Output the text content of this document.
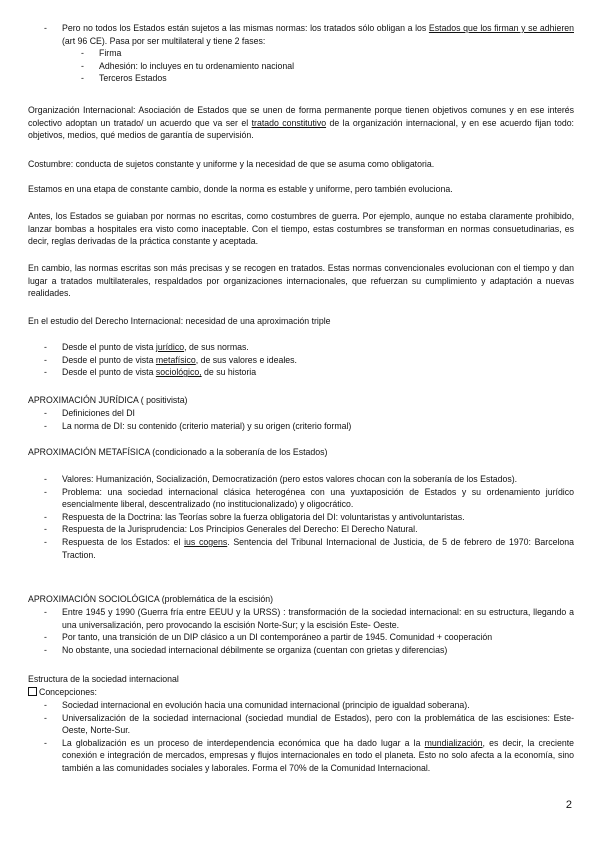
- Pero no todos los Estados están sujetos a las mismas normas: los tratados sólo obligan a los Estados que los firman y se adhieren (art 96 CE). Pasa por ser multilateral y tiene 2 fases:
- Firma
- Adhesión: lo incluyes en tu ordenamiento nacional
- Terceros Estados

Organización Internacional: Asociación de Estados que se unen de forma permanente porque tienen objetivos comunes y en ese interés colectivo adoptan un tratado/ un acuerdo que va ser el tratado constitutivo de la organización internacional, y en ese acuerdo fijan todo: objetivos, medios, qué medios de garantía de supervisión.

Costumbre: conducta de sujetos constante y uniforme y la necesidad de que se asuma como obligatoria.

Estamos en una etapa de constante cambio, donde la norma es estable y uniforme, pero también evoluciona.

Antes, los Estados se guiaban por normas no escritas, como costumbres de guerra. Por ejemplo, aunque no estaba claramente prohibido, lanzar bombas a hospitales era visto como inaceptable. Con el tiempo, estas costumbres se transforman en normas consuetudinarias, es decir, reglas derivadas de la práctica constante y aceptada.

En cambio, las normas escritas son más precisas y se recogen en tratados. Estas normas convencionales evolucionan con el tiempo y dan lugar a tratados multilaterales, respaldados por organizaciones internacionales, que refuerzan su cumplimiento y adaptación a nuevas realidades.

En el estudio del Derecho Internacional: necesidad de una aproximación triple

- Desde el punto de vista jurídico, de sus normas.
- Desde el punto de vista metafísico, de sus valores e ideales.
- Desde el punto de vista sociológico, de su historia

APROXIMACIÓN JURÍDICA ( positivista)

- Definiciones del DI
- La norma de DI: su contenido (criterio material) y su origen (criterio formal)

APROXIMACIÓN METAFÍSICA (condicionado a la soberanía de los Estados)

- Valores: Humanización, Socialización, Democratización (pero estos valores chocan con la soberanía de los Estados).
- Problema: una sociedad internacional clásica heterogénea con una yuxtaposición de Estados y su ordenamiento jurídico esencialmente liberal, descentralizado (no institucionalizado) y oligocrático.
- Respuesta de la Doctrina: las Teorías sobre la fuerza obligatoria del DI: voluntaristas y antivoluntaristas.
- Respuesta de la Jurisprudencia: Los Principios Generales del Derecho: El Derecho Natural.
- Respuesta de los Estados: el ius cogens. Sentencia del Tribunal Internacional de Justicia, de 5 de febrero de 1970: Barcelona Traction.

APROXIMACIÓN SOCIOLÓGICA (problemática de la escisión)

- Entre 1945 y 1990 (Guerra fría entre EEUU y la URSS) : transformación de la sociedad internacional: en su estructura, llegando a una universalización, pero provocando la escisión Norte-Sur; y la escisión Este- Oeste.
- Por tanto, una transición de un DIP clásico a un DI contemporáneo a partir de 1945. Comunidad + cooperación
- No obstante, una sociedad internacional débilmente se organiza (cuentan con grietas y diferencias)

Estructura de la sociedad internacional

Concepciones:

- Sociedad internacional en evolución hacia una comunidad internacional (principio de igualdad soberana).
- Universalización de la sociedad internacional (sociedad mundial de Estados), pero con la problemática de las escisiones: Este-Oeste, Norte-Sur.
- La globalización es un proceso de interdependencia económica que ha dado lugar a la mundialización, es decir, la creciente conexión e integración de mercados, empresas y flujos internacionales en todo el planeta. Esto no solo afecta a la economía, sino también a las comunidades sociales y laborales. Forma el 70% de la Comunidad Internacional.
2
